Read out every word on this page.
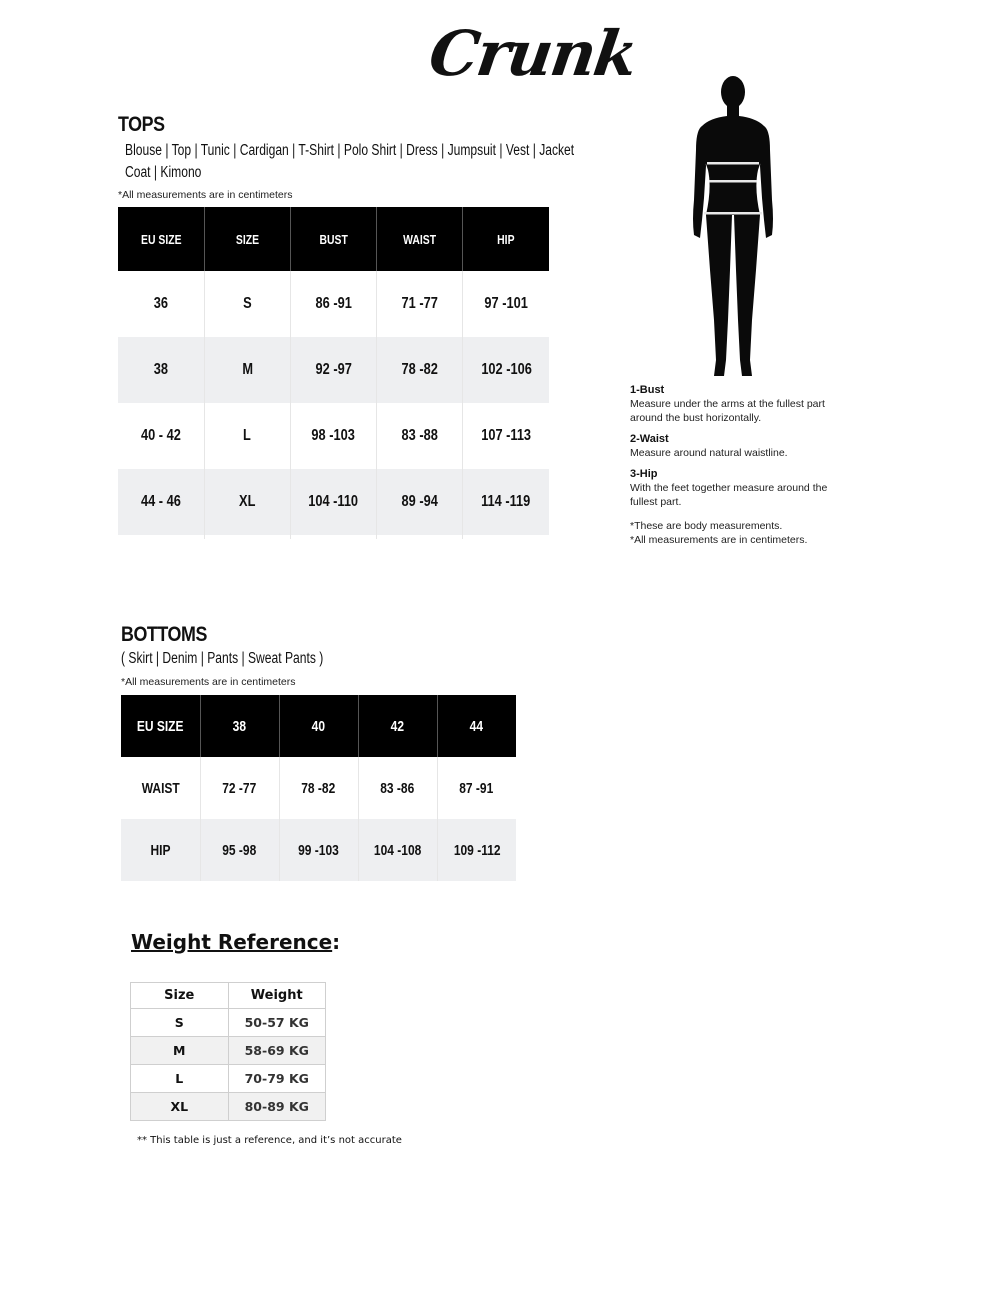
Crunk
TOPS
Blouse | Top | Tunic | Cardigan | T-Shirt | Polo Shirt | Dress | Jumpsuit | Vest | Jacket
Coat | Kimono
*All measurements are in centimeters
EU SIZE	SIZE	BUST	WAIST	HIP
36	S	86 -91	71 -77	97 -101
38	M	92 -97	78 -82	102 -106
40 - 42	L	98 -103	83 -88	107 -113
44 - 46	XL	104 -110	89 -94	114 -119

1-Bust
Measure under the arms at the fullest part around the bust horizontally.
2-Waist
Measure around natural waistline.
3-Hip
With the feet together measure around the fullest part.
*These are body measurements.
*All measurements are in centimeters.
BOTTOMS
( Skirt | Denim | Pants | Sweat Pants )
*All measurements are in centimeters
EU SIZE	38	40	42	44
WAIST	72 -77	78 -82	83 -86	87 -91
HIP	95 -98	99 -103	104 -108	109 -112
Weight Reference:
Size	Weight
S	50-57 KG
M	58-69 KG
L	70-79 KG
XL	80-89 KG
** This table is just a reference, and it’s not accurate
